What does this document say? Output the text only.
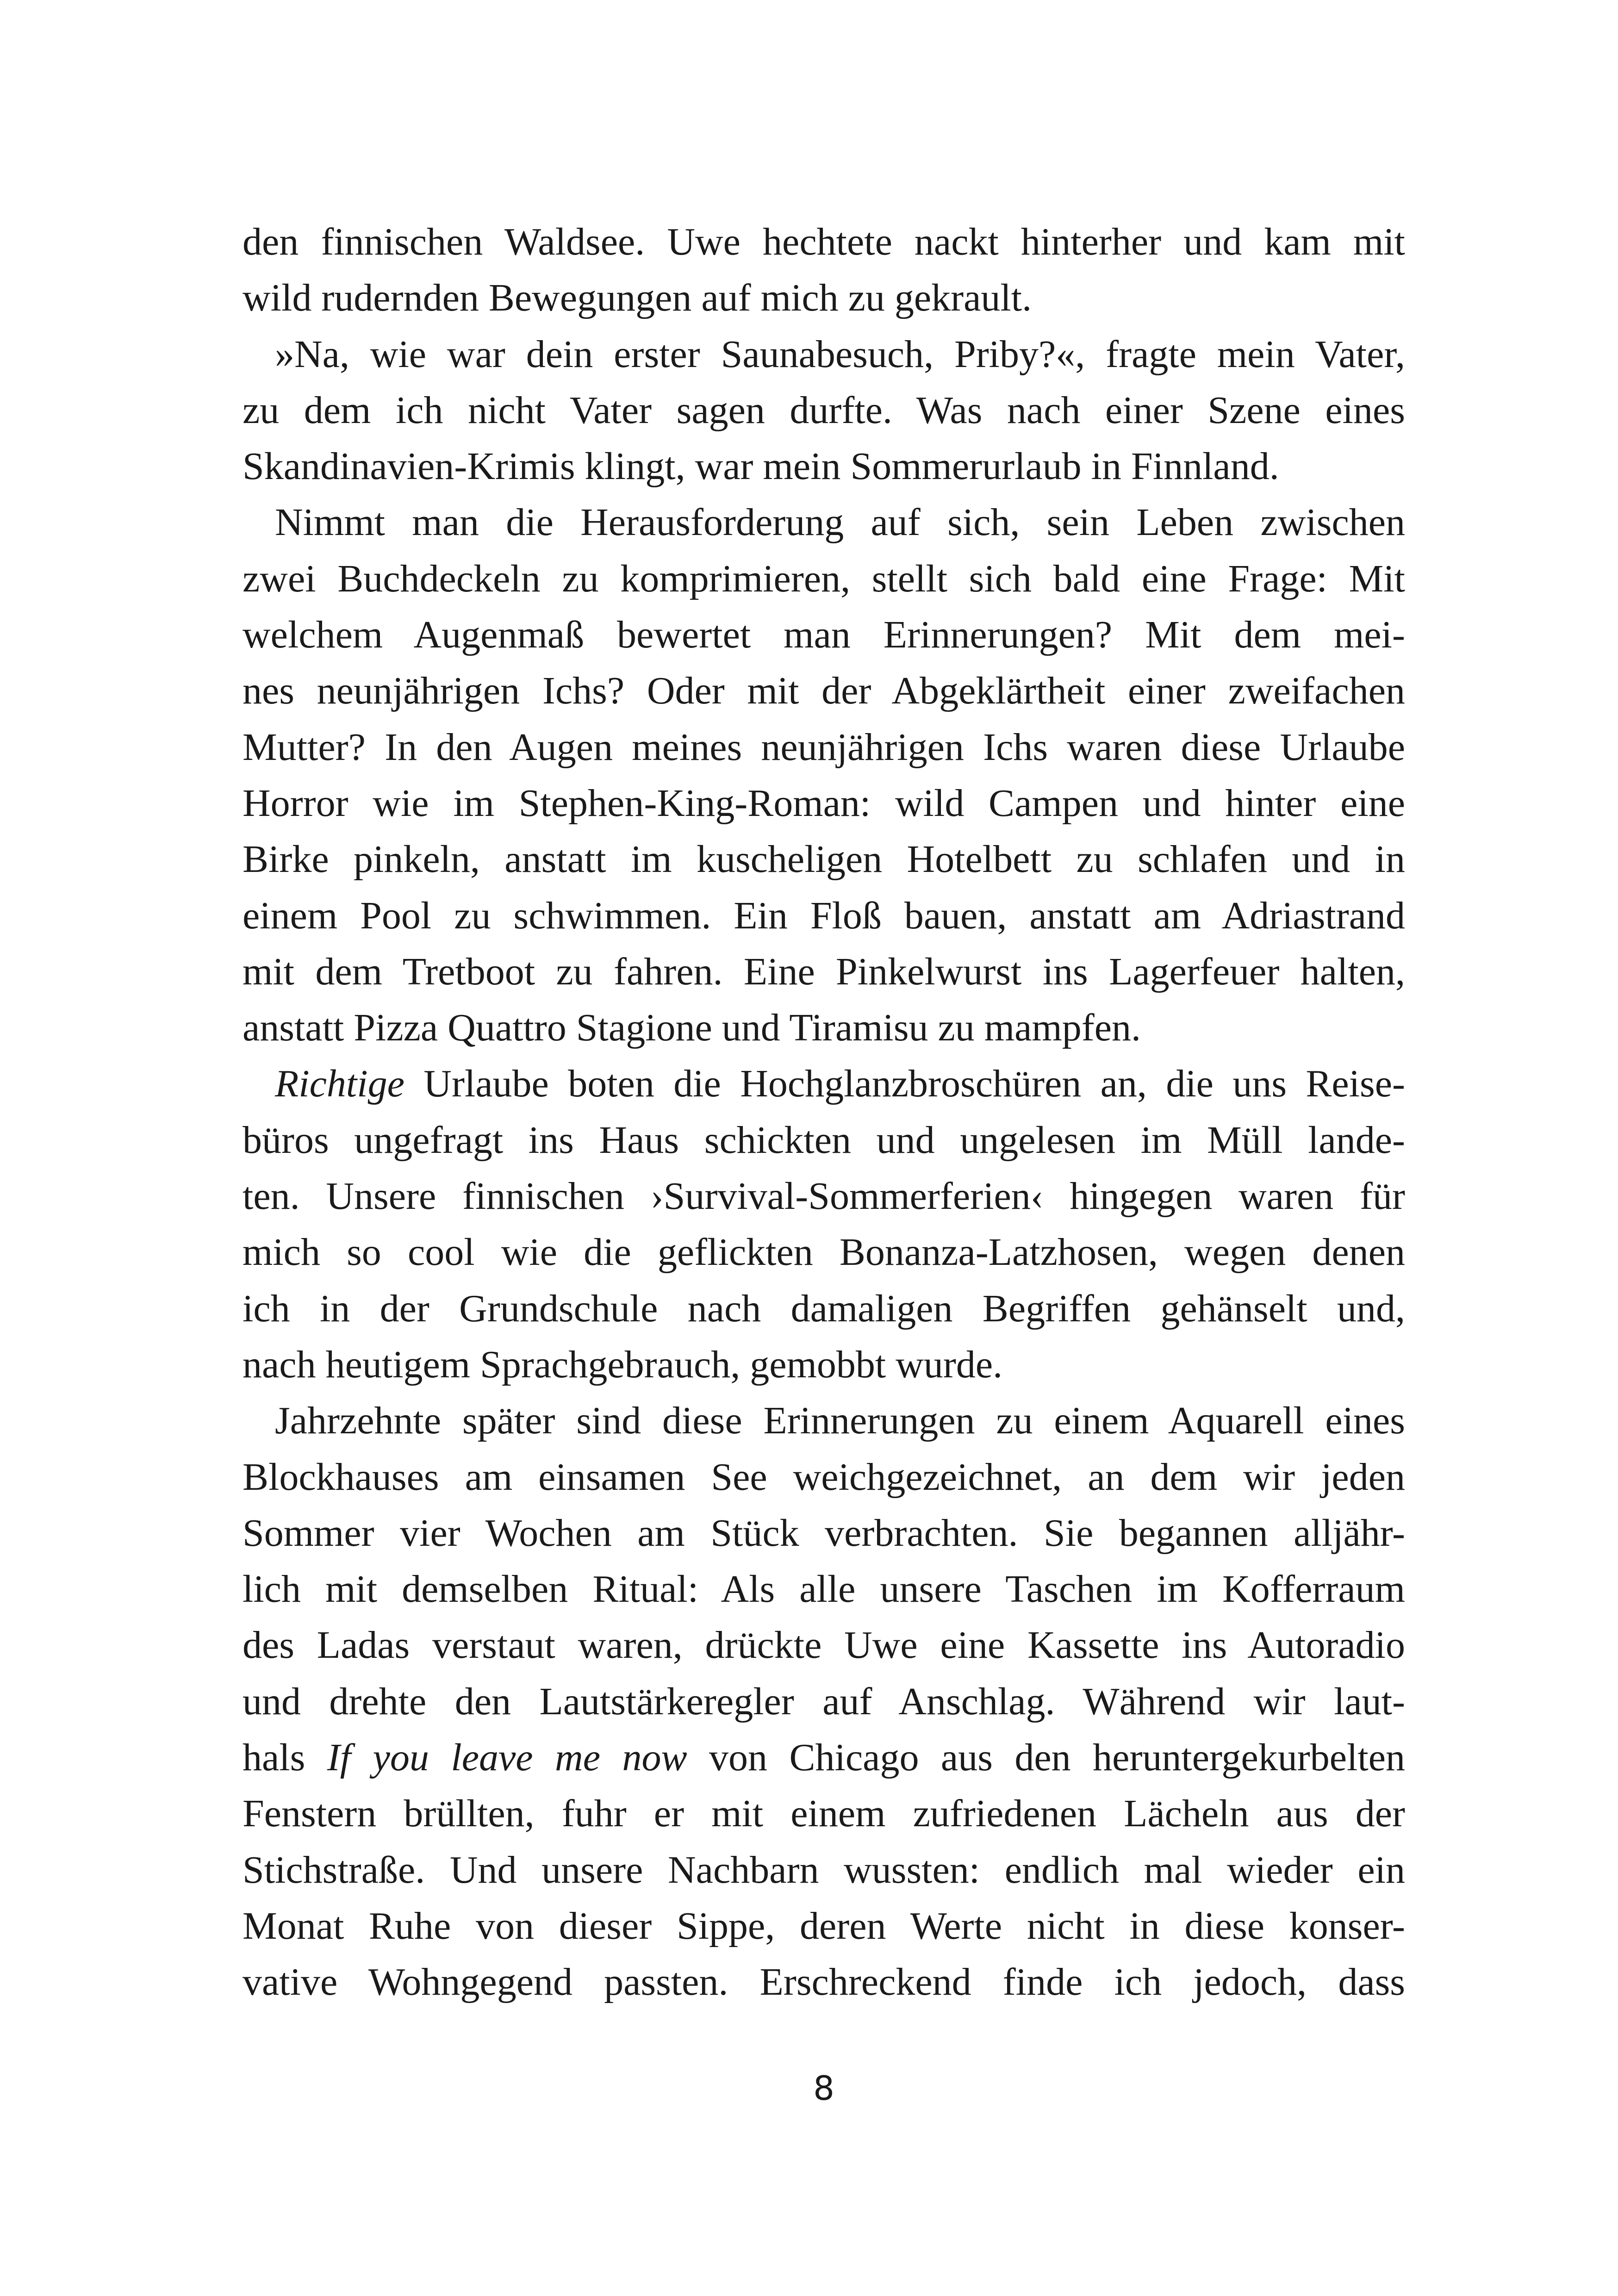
den finnischen Waldsee. Uwe hechtete nackt hinterher und kam mit
wild rudernden Bewegungen auf mich zu gekrault.
»Na, wie war dein erster Saunabesuch, Priby?«, fragte mein Vater,
zu dem ich nicht Vater sagen durfte. Was nach einer Szene eines
Skandinavien-Krimis klingt, war mein Sommerurlaub in Finnland.
Nimmt man die Herausforderung auf sich, sein Leben zwischen
zwei Buchdeckeln zu komprimieren, stellt sich bald eine Frage: Mit
welchem Augenmaß bewertet man Erinnerungen? Mit dem mei-
nes neunjährigen Ichs? Oder mit der Abgeklärtheit einer zweifachen
Mutter? In den Augen meines neunjährigen Ichs waren diese Urlaube
Horror wie im Stephen-King-Roman: wild Campen und hinter eine
Birke pinkeln, anstatt im kuscheligen Hotelbett zu schlafen und in
einem Pool zu schwimmen. Ein Floß bauen, anstatt am Adriastrand
mit dem Tretboot zu fahren. Eine Pinkelwurst ins Lagerfeuer halten,
anstatt Pizza Quattro Stagione und Tiramisu zu mampfen.
Richtige Urlaube boten die Hochglanzbroschüren an, die uns Reise-
büros ungefragt ins Haus schickten und ungelesen im Müll lande-
ten. Unsere finnischen ›Survival-Sommerferien‹ hingegen waren für
mich so cool wie die geflickten Bonanza-Latzhosen, wegen denen
ich in der Grundschule nach damaligen Begriffen gehänselt und,
nach heutigem Sprachgebrauch, gemobbt wurde.
Jahrzehnte später sind diese Erinnerungen zu einem Aquarell eines
Blockhauses am einsamen See weichgezeichnet, an dem wir jeden
Sommer vier Wochen am Stück verbrachten. Sie begannen alljähr-
lich mit demselben Ritual: Als alle unsere Taschen im Kofferraum
des Ladas verstaut waren, drückte Uwe eine Kassette ins Autoradio
und drehte den Lautstärkeregler auf Anschlag. Während wir laut-
hals If you leave me now von Chicago aus den heruntergekurbelten
Fenstern brüllten, fuhr er mit einem zufriedenen Lächeln aus der
Stichstraße. Und unsere Nachbarn wussten: endlich mal wieder ein
Monat Ruhe von dieser Sippe, deren Werte nicht in diese konser-
vative Wohngegend passten. Erschreckend finde ich jedoch, dass
8
